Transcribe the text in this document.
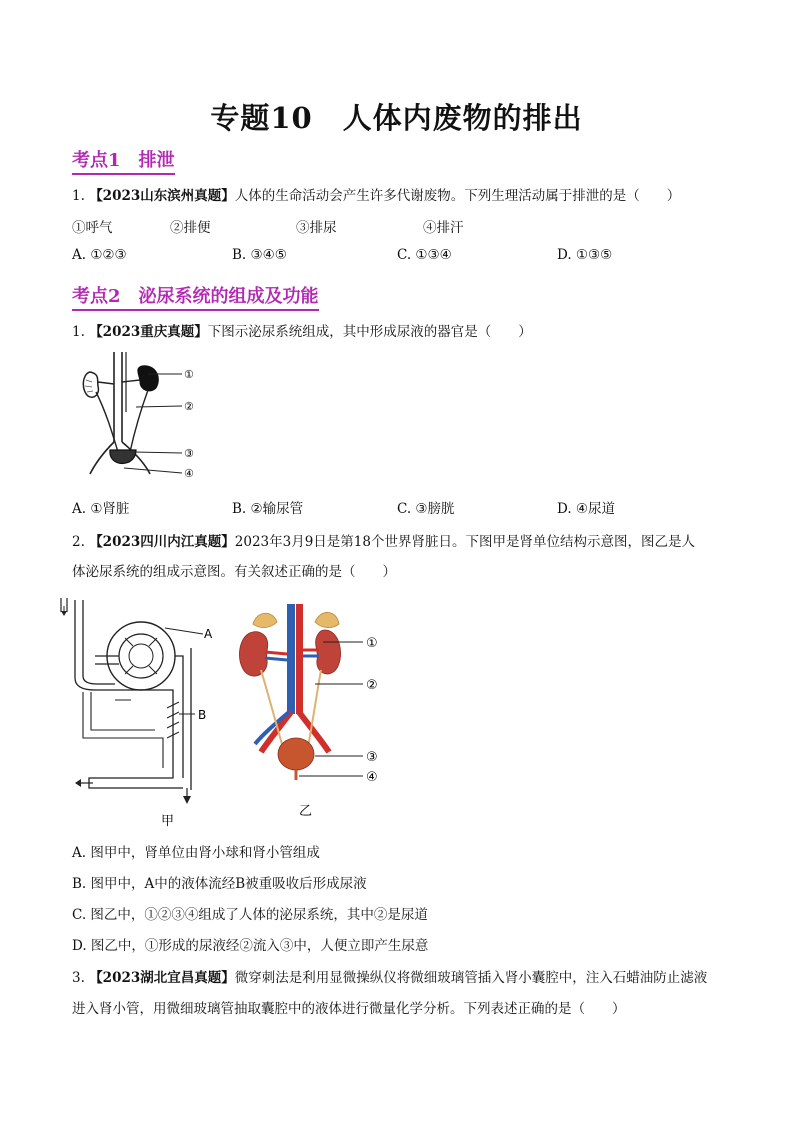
专题10　人体内废物的排出
考点1　排泄
1. 【2023山东滨州真题】人体的生命活动会产生许多代谢废物。下列生理活动属于排泄的是（　　）
①呼气	②排便	③排尿	④排汗
A. ①②③	B. ③④⑤	C. ①③④	D. ①③⑤
考点2　泌尿系统的组成及功能
1. 【2023重庆真题】下图示泌尿系统组成，其中形成尿液的器官是（　　）
①
②
③
④
A. ①肾脏	B. ②输尿管	C. ③膀胱	D. ④尿道
2. 【2023四川内江真题】2023年3月9日是第18个世界肾脏日。下图甲是肾单位结构示意图，图乙是人
体泌尿系统的组成示意图。有关叙述正确的是（　　）
A
B
甲
①
②
③
④
乙
A. 图甲中，肾单位由肾小球和肾小管组成
B. 图甲中，A中的液体流经B被重吸收后形成尿液
C. 图乙中，①②③④组成了人体的泌尿系统，其中②是尿道
D. 图乙中，①形成的尿液经②流入③中，人便立即产生尿意
3. 【2023湖北宜昌真题】微穿刺法是利用显微操纵仪将微细玻璃管插入肾小囊腔中，注入石蜡油防止滤液
进入肾小管，用微细玻璃管抽取囊腔中的液体进行微量化学分析。下列表述正确的是（　　）
